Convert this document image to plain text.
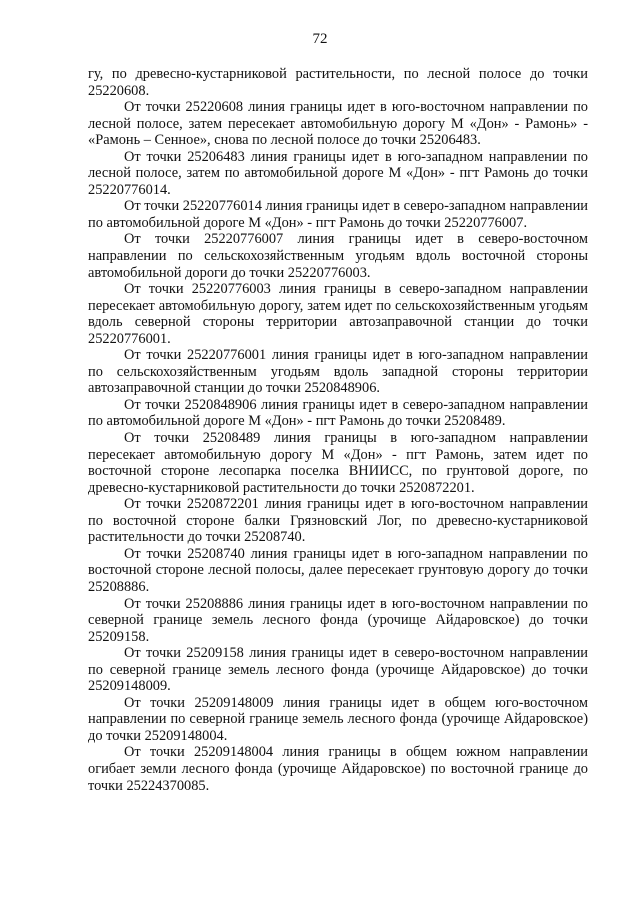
72

гу, по древесно-кустарниковой растительности, по лесной полосе до точки 25220608.

От точки 25220608 линия границы идет в юго-восточном направлении по лесной полосе, затем пересекает автомобильную дорогу М «Дон» - Рамонь» - «Рамонь – Сенное», снова по лесной полосе до точки 25206483.

От точки 25206483 линия границы идет в юго-западном направлении по лесной полосе, затем по автомобильной дороге М «Дон» - пгт Рамонь до точки 25220776014.

От точки 25220776014 линия границы идет в северо-западном направлении по автомобильной дороге М «Дон» - пгт Рамонь до точки 25220776007.

От точки 25220776007 линия границы идет в северо-восточном направлении по сельскохозяйственным угодьям вдоль восточной стороны автомобильной дороги до точки 25220776003.

От точки 25220776003 линия границы в северо-западном направлении пересекает автомобильную дорогу, затем идет по сельскохозяйственным угодьям вдоль северной стороны территории автозаправочной станции до точки 25220776001.

От точки 25220776001 линия границы идет в юго-западном направлении по сельскохозяйственным угодьям вдоль западной стороны территории автозаправочной станции до точки 2520848906.

От точки 2520848906 линия границы идет в северо-западном направлении по автомобильной дороге М «Дон» - пгт Рамонь до точки 25208489.

От точки 25208489 линия границы в юго-западном направлении пересекает автомобильную дорогу М «Дон» - пгт Рамонь, затем идет по восточной стороне лесопарка поселка ВНИИСС, по грунтовой дороге, по древесно-кустарниковой растительности до точки 2520872201.

От точки 2520872201 линия границы идет в юго-восточном направлении по восточной стороне балки Грязновский Лог, по древесно-кустарниковой растительности до точки 25208740.

От точки 25208740 линия границы идет в юго-западном направлении по восточной стороне лесной полосы, далее пересекает грунтовую дорогу до точки 25208886.

От точки 25208886 линия границы идет в юго-восточном направлении по северной границе земель лесного фонда (урочище Айдаровское) до точки 25209158.

От точки 25209158 линия границы идет в северо-восточном направлении по северной границе земель лесного фонда (урочище Айдаровское) до точки 25209148009.

От точки 25209148009 линия границы идет в общем юго-восточном направлении по северной границе земель лесного фонда (урочище Айдаровское) до точки 25209148004.

От точки 25209148004 линия границы в общем южном направлении огибает земли лесного фонда (урочище Айдаровское) по восточной границе до точки 25224370085.
